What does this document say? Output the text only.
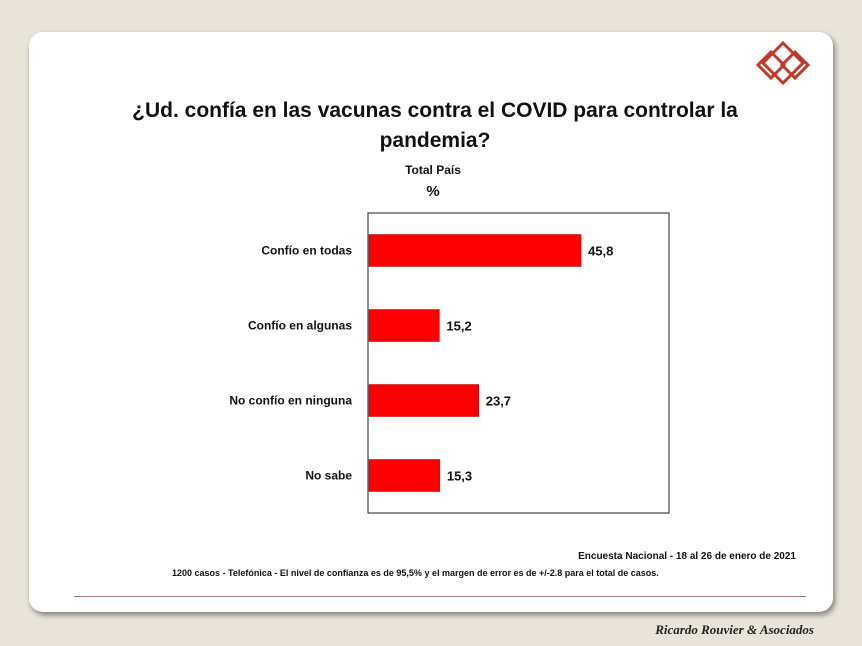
¿Ud. confía en las vacunas contra el COVID para controlar la pandemia?
Total País
%
Confío en todas	45,8
Confío en algunas	15,2
No confío en ninguna	23,7
No sabe	15,3
Encuesta Nacional - 18 al 26 de enero de 2021
1200 casos - Telefónica - El nivel de confianza es de 95,5% y el margen de error es de +/-2.8 para el total de casos.
Ricardo Rouvier & Asociados
